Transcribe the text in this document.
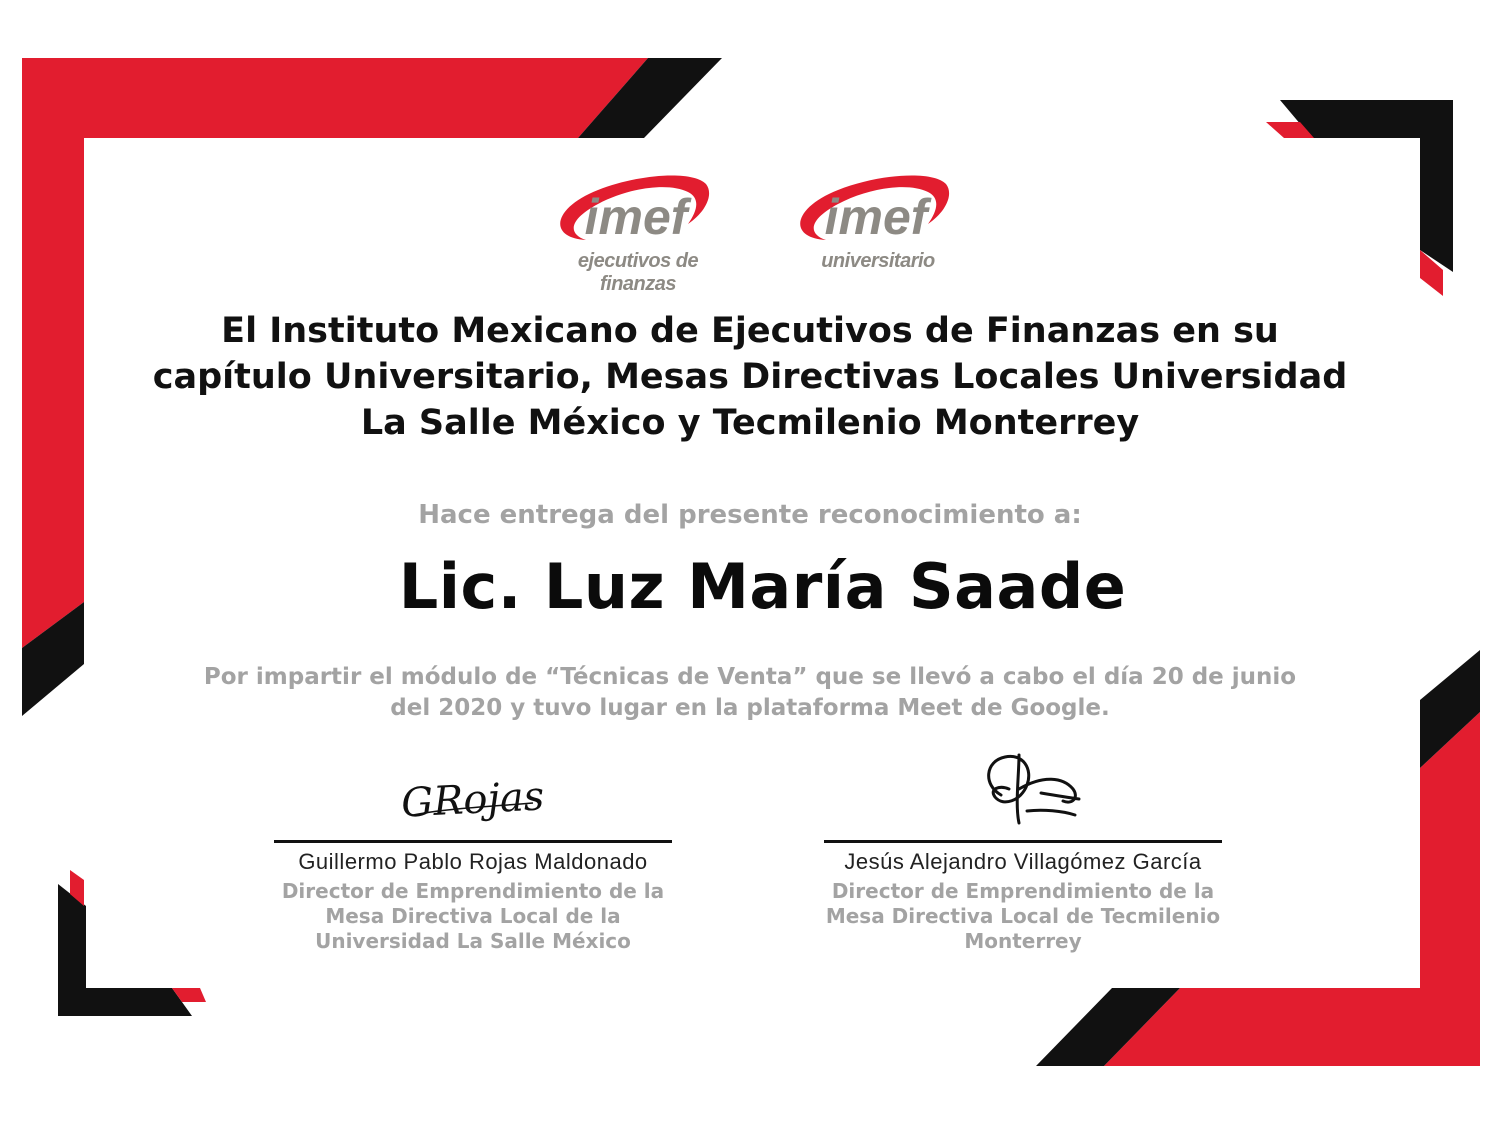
imef
ejecutivos de finanzas
imef
universitario
El Instituto Mexicano de Ejecutivos de Finanzas en su capítulo Universitario, Mesas Directivas Locales Universidad La Salle México y Tecmilenio Monterrey
Hace entrega del presente reconocimiento a:
Lic. Luz María Saade
Por impartir el módulo de “Técnicas de Venta” que se llevó a cabo el día 20 de junio del 2020 y tuvo lugar en la plataforma Meet de Google.
GRojas
Guillermo Pablo Rojas Maldonado
Director de Emprendimiento de la Mesa Directiva Local de la Universidad La Salle México
Jesús Alejandro Villagómez García
Director de Emprendimiento de la Mesa Directiva Local de Tecmilenio Monterrey
